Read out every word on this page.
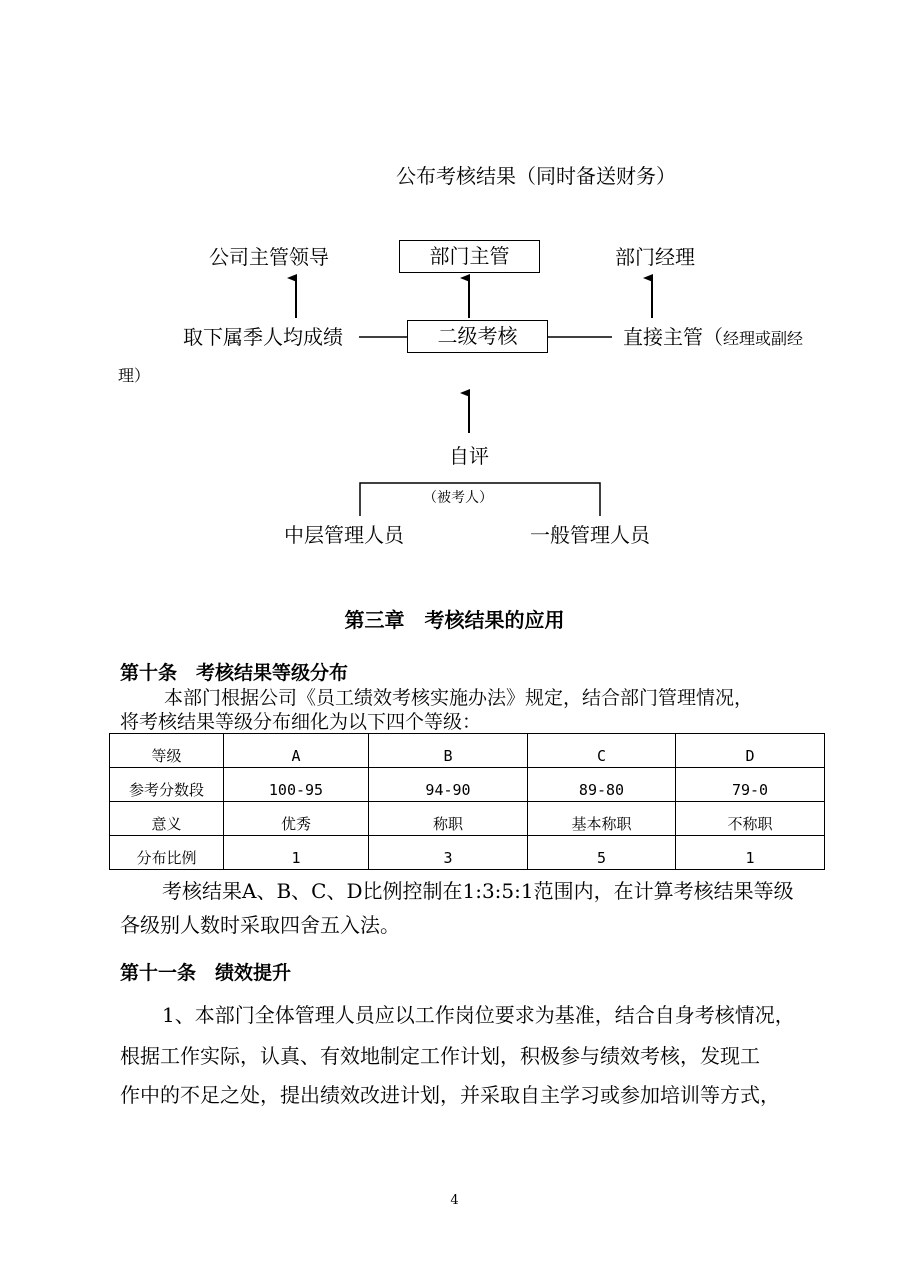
公布考核结果（同时备送财务）
公司主管领导	部门主管	部门经理
取下属季人均成绩	二级考核	直接主管（经理或副经
理）
自评
（被考人）
中层管理人员	一般管理人员
第三章　考核结果的应用
第十条　考核结果等级分布
本部门根据公司《员工绩效考核实施办法》规定，结合部门管理情况，
将考核结果等级分布细化为以下四个等级：
等级	A	B	C	D
参考分数段	100-95	94-90	89-80	79-0
意义	优秀	称职	基本称职	不称职
分布比例	1	3	5	1
考核结果A、B、C、D比例控制在1:3:5:1范围内，在计算考核结果等级
各级别人数时采取四舍五入法。
第十一条　绩效提升
1、本部门全体管理人员应以工作岗位要求为基准，结合自身考核情况，
根据工作实际，认真、有效地制定工作计划，积极参与绩效考核，发现工
作中的不足之处，提出绩效改进计划，并采取自主学习或参加培训等方式，
4
